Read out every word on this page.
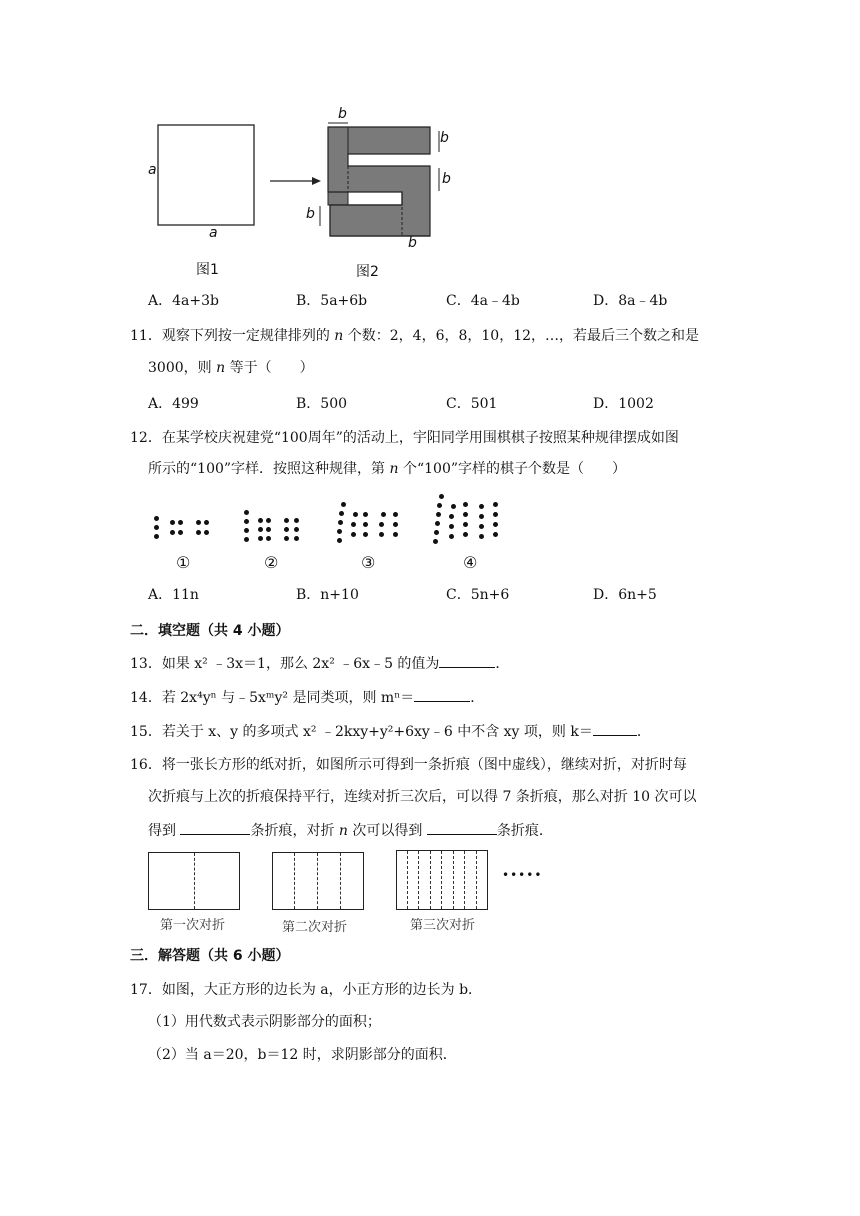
a
a
b
b
b
b
b
图1	图2
A．4a+3b	B．5a+6b	C．4a﹣4b	D．8a﹣4b
11．观察下列按一定规律排列的 n 个数：2，4，6，8，10，12，…，若最后三个数之和是
3000，则 n 等于（　　）
A．499	B．500	C．501	D．1002
12．在某学校庆祝建党“100周年”的活动上，宇阳同学用围棋棋子按照某种规律摆成如图
所示的“100”字样．按照这种规律，第 n 个“100”字样的棋子个数是（　　）
①	②	③	④
A．11n	B．n+10	C．5n+6	D．6n+5
二．填空题（共 4 小题）
13．如果 x² ﹣3x＝1，那么 2x² ﹣6x﹣5 的值为	．
14．若 2x⁴yⁿ 与﹣5xᵐy² 是同类项，则 mⁿ＝	．
15．若关于 x、y 的多项式 x² ﹣2kxy+y²+6xy﹣6 中不含 xy 项，则 k＝	．
16．将一张长方形的纸对折，如图所示可得到一条折痕（图中虚线），继续对折，对折时每
次折痕与上次的折痕保持平行，连续对折三次后，可以得 7 条折痕，那么对折 10 次可以
得到	条折痕，对折 n 次可以得到	条折痕．
•••••
第一次对折	第二次对折	第三次对折
三．解答题（共 6 小题）
17．如图，大正方形的边长为 a，小正方形的边长为 b．
（1）用代数式表示阴影部分的面积；
（2）当 a＝20，b＝12 时，求阴影部分的面积．
